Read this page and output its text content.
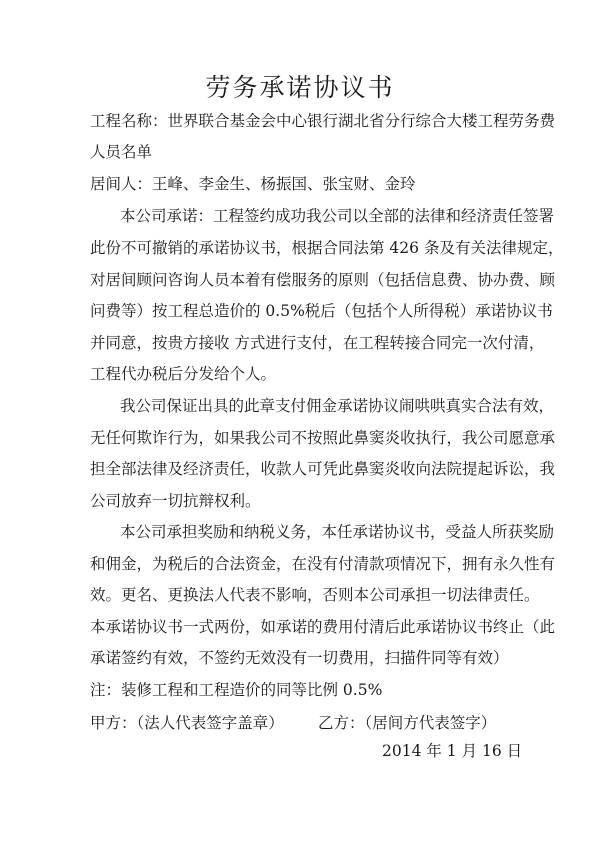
劳务承诺协议书

工程名称：世界联合基金会中心银行湖北省分行综合大楼工程劳务费

人员名单

居间人：王峰、李金生、杨振国、张宝财、金玲

本公司承诺：工程签约成功我公司以全部的法律和经济责任签署

此份不可撤销的承诺协议书，根据合同法第 426 条及有关法律规定，

对居间顾问咨询人员本着有偿服务的原则（包括信息费、协办费、顾

问费等）按工程总造价的 0.5%税后（包括个人所得税）承诺协议书

并同意，按贵方接收 方式进行支付，在工程转接合同完一次付清，

工程代办税后分发给个人。

我公司保证出具的此章支付佣金承诺协议闹哄哄真实合法有效，

无任何欺诈行为，如果我公司不按照此鼻窦炎收执行，我公司愿意承

担全部法律及经济责任，收款人可凭此鼻窦炎收向法院提起诉讼，我

公司放弃一切抗辩权利。

本公司承担奖励和纳税义务，本任承诺协议书，受益人所获奖励

和佣金，为税后的合法资金，在没有付清款项情况下，拥有永久性有

效。更名、更换法人代表不影响，否则本公司承担一切法律责任。

本承诺协议书一式两份，如承诺的费用付清后此承诺协议书终止（此

承诺签约有效，不签约无效没有一切费用，扫描件同等有效）

注：装修工程和工程造价的同等比例 0.5%

甲方：（法人代表签字盖章） 乙方：（居间方代表签字）
2014 年 1 月 16 日
